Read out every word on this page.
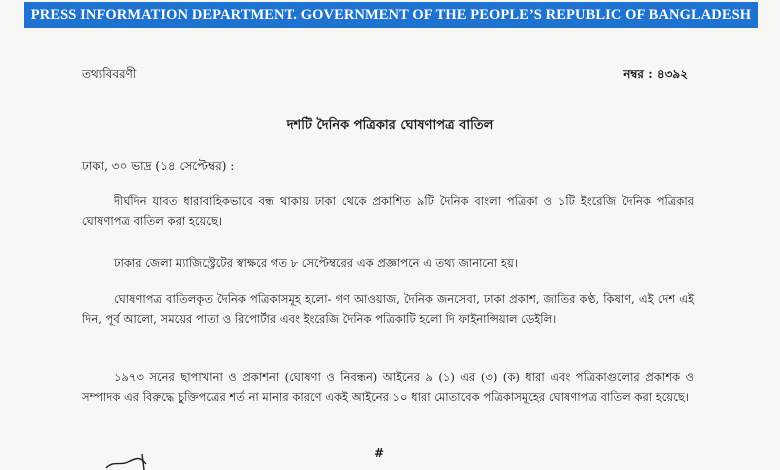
PRESS INFORMATION DEPARTMENT. GOVERNMENT OF THE PEOPLE’S REPUBLIC OF BANGLADESH
তথ্যবিবরণী	নম্বর : ৪৩৯২
দশটি দৈনিক পত্রিকার ঘোষণাপত্র বাতিল
ঢাকা, ৩০ ভাদ্র (১৪ সেপ্টেম্বর) :

দীর্ঘদিন যাবত ধারাবাহিকভাবে বন্ধ থাকায় ঢাকা থেকে প্রকাশিত ৯টি দৈনিক বাংলা পত্রিকা ও ১টি ইংরেজি দৈনিক পত্রিকার ঘোষণাপত্র বাতিল করা হয়েছে।

ঢাকার জেলা ম্যাজিস্ট্রেটের স্বাক্ষরে গত ৮ সেপ্টেম্বরের এক প্রজ্ঞাপনে এ তথ্য জানানো হয়।

ঘোষণাপত্র বাতিলকৃত দৈনিক পত্রিকাসমূহ হলো- গণ আওয়াজ, দৈনিক জনসেবা, ঢাকা প্রকাশ, জাতির কণ্ঠ, কিষাণ, এই দেশ এই দিন, পূর্ব আলো, সময়ের পাতা ও রিপোর্টার এবং ইংরেজি দৈনিক পত্রিকাটি হলো দি ফাইনান্সিয়াল ডেইলি।

১৯৭৩ সনের ছাপাখানা ও প্রকাশনা (ঘোষণা ও নিবন্ধন) আইনের ৯ (১) এর (৩) (ক) ধারা এবং পত্রিকাগুলোর প্রকাশক ও সম্পাদক এর বিরুদ্ধে চুক্তিপত্রের শর্ত না মানার কারণে একই আইনের ১০ ধারা মোতাবেক পত্রিকাসমূহের ঘোষণাপত্র বাতিল করা হয়েছে।

#
